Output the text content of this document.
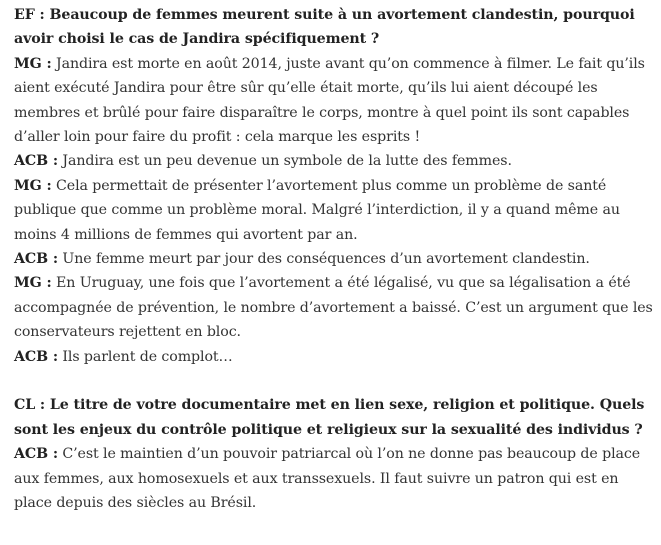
EF : Beaucoup de femmes meurent suite à un avortement clandestin, pourquoi
avoir choisi le cas de Jandira spécifiquement ?
MG : Jandira est morte en août 2014, juste avant qu’on commence à filmer. Le fait qu’ils
aient exécuté Jandira pour être sûr qu’elle était morte, qu’ils lui aient découpé les
membres et brûlé pour faire disparaître le corps, montre à quel point ils sont capables
d’aller loin pour faire du profit : cela marque les esprits !
ACB : Jandira est un peu devenue un symbole de la lutte des femmes.
MG : Cela permettait de présenter l’avortement plus comme un problème de santé
publique que comme un problème moral. Malgré l’interdiction, il y a quand même au
moins 4 millions de femmes qui avortent par an.
ACB : Une femme meurt par jour des conséquences d’un avortement clandestin.
MG : En Uruguay, une fois que l’avortement a été légalisé, vu que sa légalisation a été
accompagnée de prévention, le nombre d’avortement a baissé. C’est un argument que les
conservateurs rejettent en bloc.
ACB : Ils parlent de complot…
CL : Le titre de votre documentaire met en lien sexe, religion et politique. Quels
sont les enjeux du contrôle politique et religieux sur la sexualité des individus ?
ACB : C’est le maintien d’un pouvoir patriarcal où l’on ne donne pas beaucoup de place
aux femmes, aux homosexuels et aux transsexuels. Il faut suivre un patron qui est en
place depuis des siècles au Brésil.
